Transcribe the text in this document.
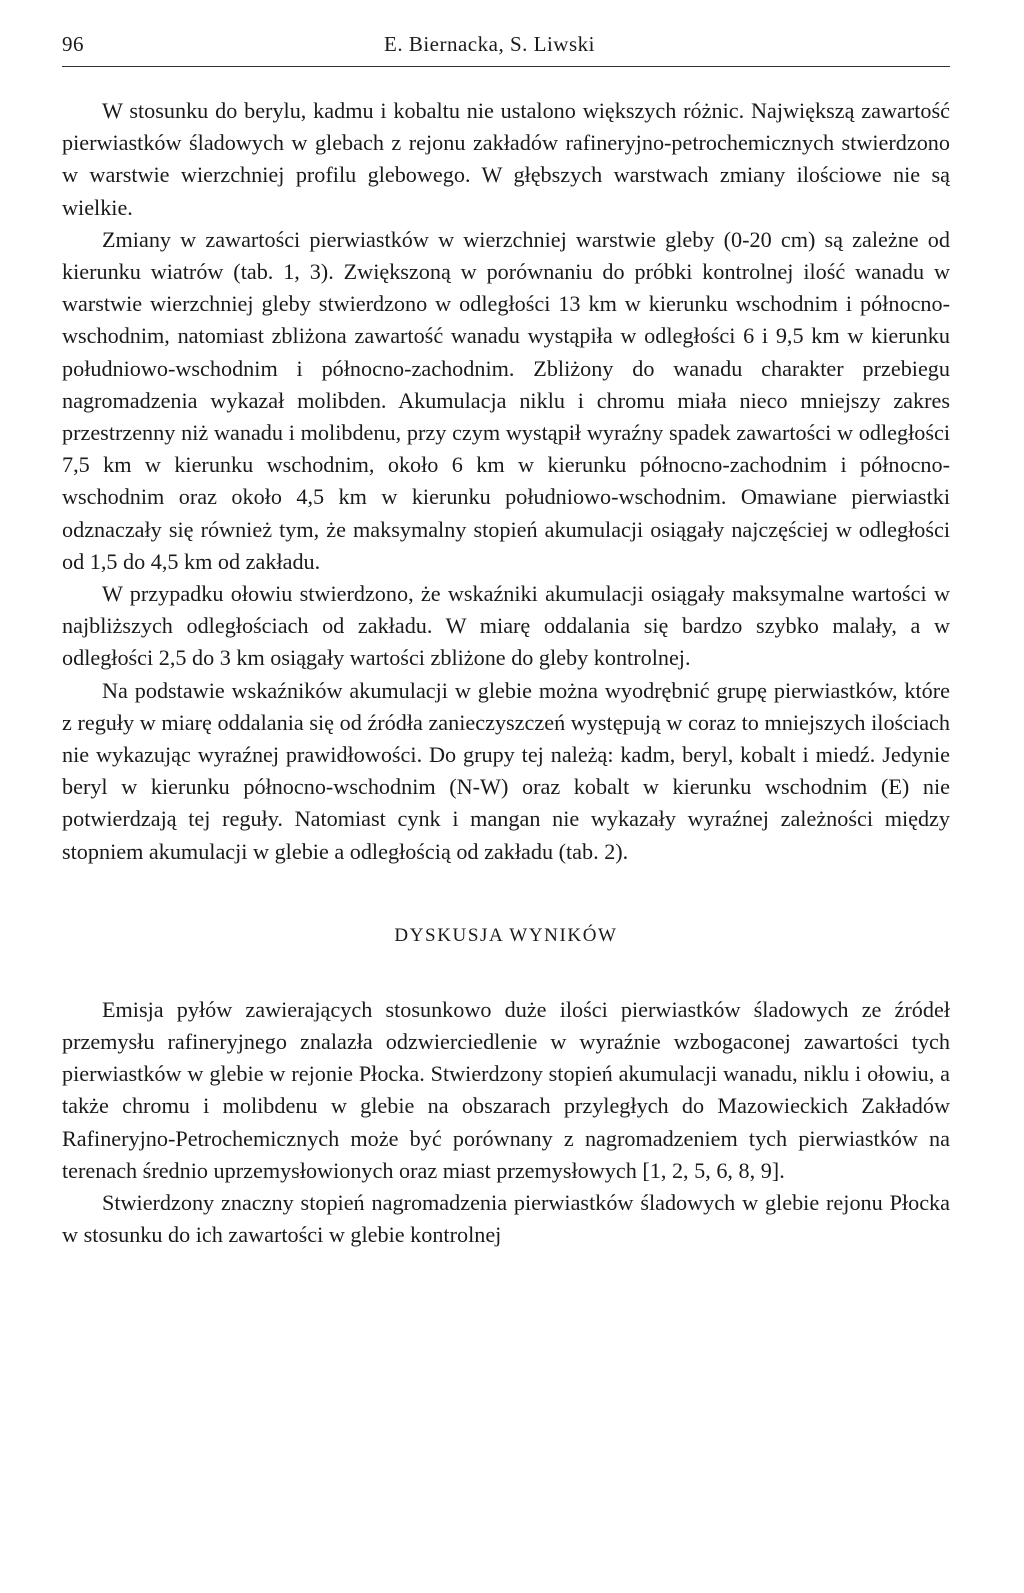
96	E. Biernacka, S. Liwski

W stosunku do berylu, kadmu i kobaltu nie ustalono większych różnic. Największą zawartość pierwiastków śladowych w glebach z rejonu zakładów rafineryjno-petrochemicznych stwierdzono w warstwie wierzchniej profilu glebowego. W głębszych warstwach zmiany ilościowe nie są wielkie.

Zmiany w zawartości pierwiastków w wierzchniej warstwie gleby (0-20 cm) są zależne od kierunku wiatrów (tab. 1, 3). Zwiększoną w porównaniu do próbki kontrolnej ilość wanadu w warstwie wierzchniej gleby stwierdzono w odległości 13 km w kierunku wschodnim i północno-wschodnim, natomiast zbliżona zawartość wanadu wystąpiła w odległości 6 i 9,5 km w kierunku południowo-wschodnim i północno-zachodnim. Zbliżony do wanadu charakter przebiegu nagromadzenia wykazał molibden. Akumulacja niklu i chromu miała nieco mniejszy zakres przestrzenny niż wanadu i molibdenu, przy czym wystąpił wyraźny spadek zawartości w odległości 7,5 km w kierunku wschodnim, około 6 km w kierunku północno-zachodnim i północno-wschodnim oraz około 4,5 km w kierunku południowo-wschodnim. Omawiane pierwiastki odznaczały się również tym, że maksymalny stopień akumulacji osiągały najczęściej w odległości od 1,5 do 4,5 km od zakładu.

W przypadku ołowiu stwierdzono, że wskaźniki akumulacji osiągały maksymalne wartości w najbliższych odległościach od zakładu. W miarę oddalania się bardzo szybko malały, a w odległości 2,5 do 3 km osiągały wartości zbliżone do gleby kontrolnej.

Na podstawie wskaźników akumulacji w glebie można wyodrębnić grupę pierwiastków, które z reguły w miarę oddalania się od źródła zanieczyszczeń występują w coraz to mniejszych ilościach nie wykazując wyraźnej prawidłowości. Do grupy tej należą: kadm, beryl, kobalt i miedź. Jedynie beryl w kierunku północno-wschodnim (N-W) oraz kobalt w kierunku wschodnim (E) nie potwierdzają tej reguły. Natomiast cynk i mangan nie wykazały wyraźnej zależności między stopniem akumulacji w glebie a odległością od zakładu (tab. 2).

DYSKUSJA WYNIKÓW

Emisja pyłów zawierających stosunkowo duże ilości pierwiastków śladowych ze źródeł przemysłu rafineryjnego znalazła odzwierciedlenie w wyraźnie wzbogaconej zawartości tych pierwiastków w glebie w rejonie Płocka. Stwierdzony stopień akumulacji wanadu, niklu i ołowiu, a także chromu i molibdenu w glebie na obszarach przyległych do Mazowieckich Zakładów Rafineryjno-Petrochemicznych może być porównany z nagromadzeniem tych pierwiastków na terenach średnio uprzemysłowionych oraz miast przemysłowych [1, 2, 5, 6, 8, 9].

Stwierdzony znaczny stopień nagromadzenia pierwiastków śladowych w glebie rejonu Płocka w stosunku do ich zawartości w glebie kontrolnej
